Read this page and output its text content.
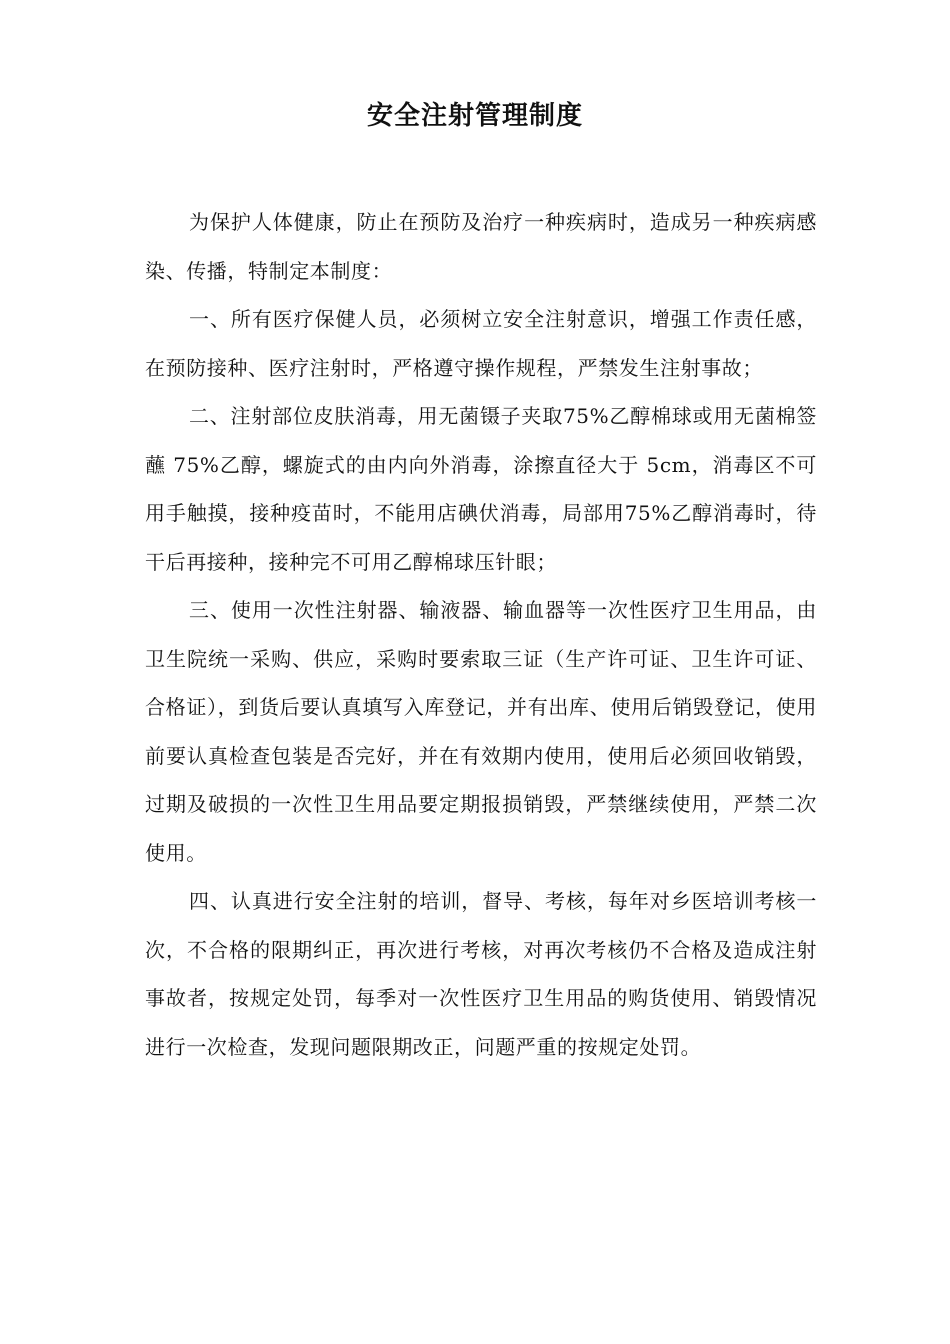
安全注射管理制度

为保护人体健康，防止在预防及治疗一种疾病时，造成另一种疾病感染、传播，特制定本制度：

一、所有医疗保健人员，必须树立安全注射意识，增强工作责任感，在预防接种、医疗注射时，严格遵守操作规程，严禁发生注射事故；

二、注射部位皮肤消毒，用无菌镊子夹取75%乙醇棉球或用无菌棉签蘸 75%乙醇，螺旋式的由内向外消毒，涂擦直径大于 5cm，消毒区不可用手触摸，接种疫苗时，不能用店碘伏消毒，局部用75%乙醇消毒时，待干后再接种，接种完不可用乙醇棉球压针眼；

三、使用一次性注射器、输液器、输血器等一次性医疗卫生用品，由卫生院统一采购、供应，采购时要索取三证（生产许可证、卫生许可证、合格证），到货后要认真填写入库登记，并有出库、使用后销毁登记，使用前要认真检查包装是否完好，并在有效期内使用，使用后必须回收销毁，过期及破损的一次性卫生用品要定期报损销毁，严禁继续使用，严禁二次使用。

四、认真进行安全注射的培训，督导、考核，每年对乡医培训考核一次，不合格的限期纠正，再次进行考核，对再次考核仍不合格及造成注射事故者，按规定处罚，每季对一次性医疗卫生用品的购货使用、销毁情况进行一次检查，发现问题限期改正，问题严重的按规定处罚。
